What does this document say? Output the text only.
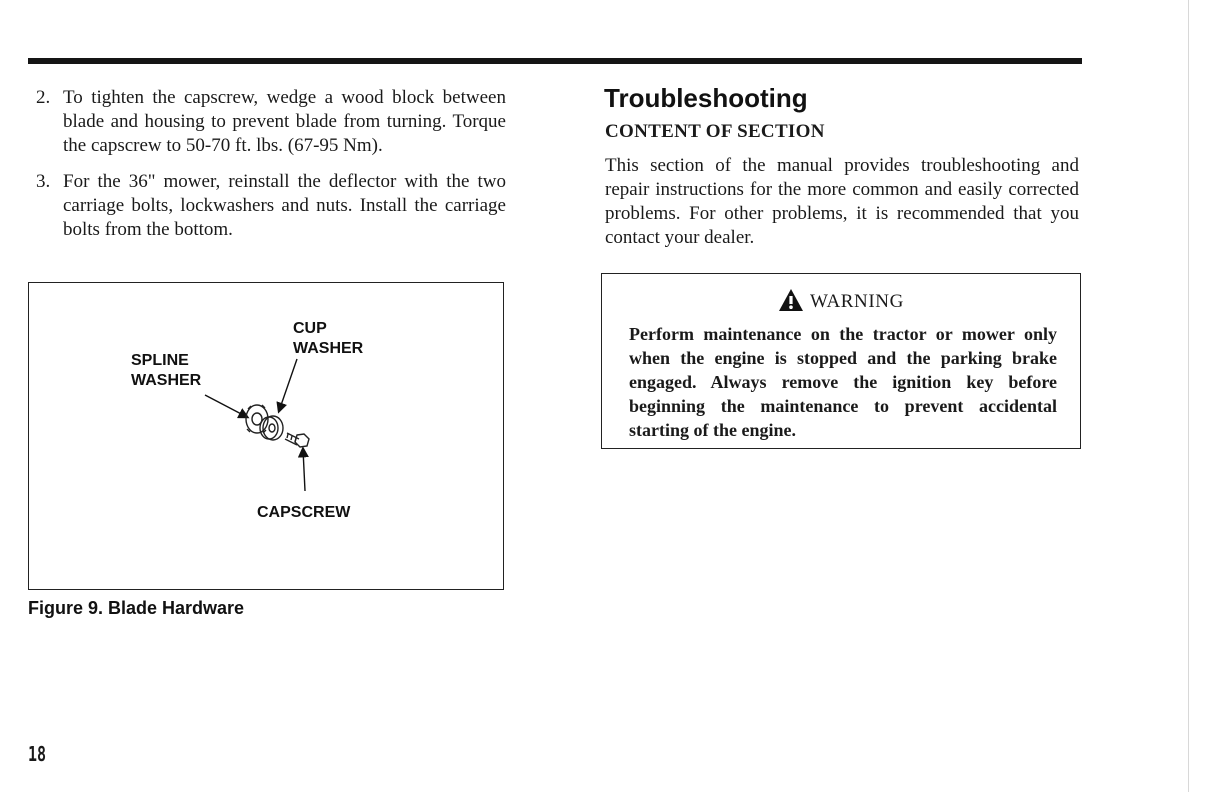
2. To tighten the capscrew, wedge a wood block between blade and housing to prevent blade from turning. Torque the capscrew to 50-70 ft. lbs. (67-95 Nm).
3. For the 36" mower, reinstall the deflector with the two carriage bolts, lockwashers and nuts. Install the carriage bolts from the bottom.
CUP
WASHER
SPLINE
WASHER
CAPSCREW
Figure 9. Blade Hardware
18
Troubleshooting
CONTENT OF SECTION
This section of the manual provides troubleshooting and repair instructions for the more common and easily corrected problems. For other problems, it is recommended that you contact your dealer.
WARNING
Perform maintenance on the tractor or mower only when the engine is stopped and the parking brake engaged. Always remove the ignition key before beginning the maintenance to prevent accidental starting of the engine.
